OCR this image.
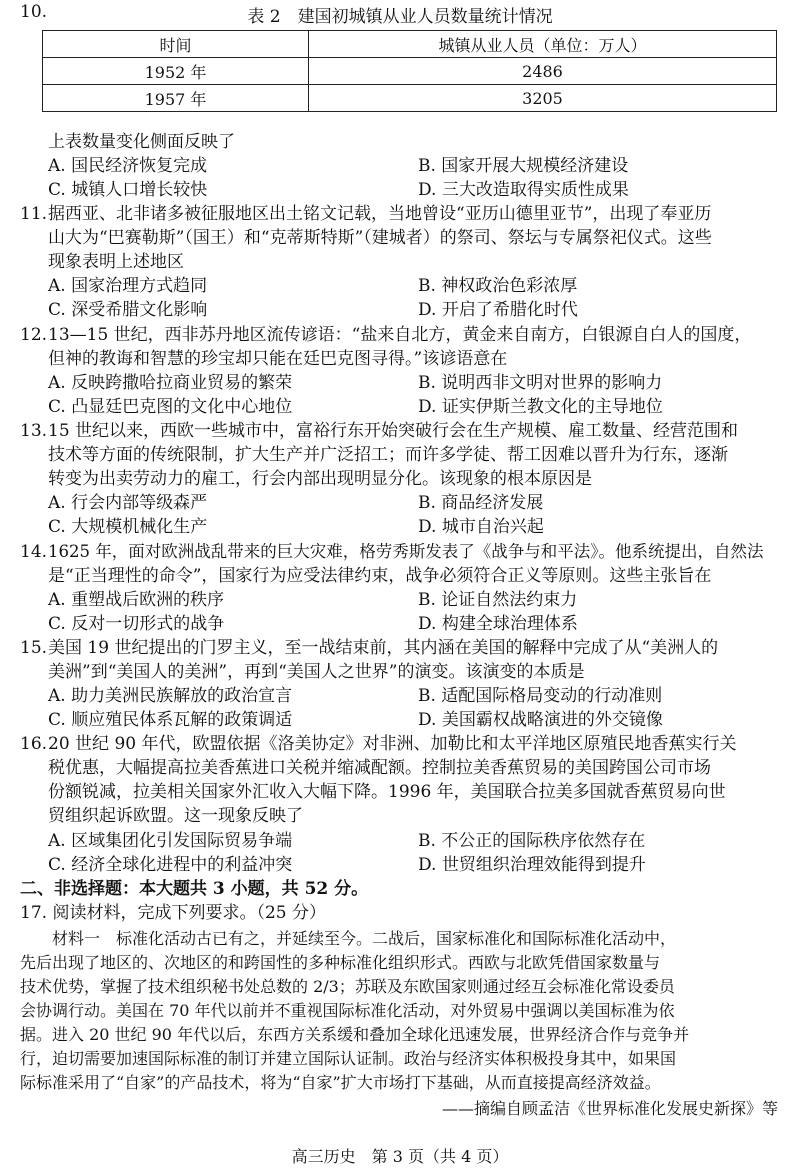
10.	表 2　建国初城镇从业人员数量统计情况
时间	城镇从业人员（单位：万人）
1952 年	2486
1957 年	3205
上表数量变化侧面反映了
A. 国民经济恢复完成	B. 国家开展大规模经济建设
C. 城镇人口增长较快	D. 三大改造取得实质性成果
11. 据西亚、北非诸多被征服地区出土铭文记载，当地曾设“亚历山德里亚节”，出现了奉亚历
山大为“巴赛勒斯”（国王）和“克蒂斯特斯”（建城者）的祭司、祭坛与专属祭祀仪式。这些
现象表明上述地区
A. 国家治理方式趋同	B. 神权政治色彩浓厚
C. 深受希腊文化影响	D. 开启了希腊化时代
12. 13—15 世纪，西非苏丹地区流传谚语：“盐来自北方，黄金来自南方，白银源自白人的国度，
但神的教诲和智慧的珍宝却只能在廷巴克图寻得。”该谚语意在
A. 反映跨撒哈拉商业贸易的繁荣	B. 说明西非文明对世界的影响力
C. 凸显廷巴克图的文化中心地位	D. 证实伊斯兰教文化的主导地位
13. 15 世纪以来，西欧一些城市中，富裕行东开始突破行会在生产规模、雇工数量、经营范围和
技术等方面的传统限制，扩大生产并广泛招工；而许多学徒、帮工因难以晋升为行东，逐渐
转变为出卖劳动力的雇工，行会内部出现明显分化。该现象的根本原因是
A. 行会内部等级森严	B. 商品经济发展
C. 大规模机械化生产	D. 城市自治兴起
14. 1625 年，面对欧洲战乱带来的巨大灾难，格劳秀斯发表了《战争与和平法》。他系统提出，自然法
是“正当理性的命令”，国家行为应受法律约束，战争必须符合正义等原则。这些主张旨在
A. 重塑战后欧洲的秩序	B. 论证自然法约束力
C. 反对一切形式的战争	D. 构建全球治理体系
15. 美国 19 世纪提出的门罗主义，至一战结束前，其内涵在美国的解释中完成了从“美洲人的
美洲”到“美国人的美洲”，再到“美国人之世界”的演变。该演变的本质是
A. 助力美洲民族解放的政治宣言	B. 适配国际格局变动的行动准则
C. 顺应殖民体系瓦解的政策调适	D. 美国霸权战略演进的外交镜像
16. 20 世纪 90 年代，欧盟依据《洛美协定》对非洲、加勒比和太平洋地区原殖民地香蕉实行关
税优惠，大幅提高拉美香蕉进口关税并缩减配额。控制拉美香蕉贸易的美国跨国公司市场
份额锐减，拉美相关国家外汇收入大幅下降。1996 年，美国联合拉美多国就香蕉贸易向世
贸组织起诉欧盟。这一现象反映了
A. 区域集团化引发国际贸易争端	B. 不公正的国际秩序依然存在
C. 经济全球化进程中的利益冲突	D. 世贸组织治理效能得到提升
二、非选择题：本大题共 3 小题，共 52 分。
17. 阅读材料，完成下列要求。（25 分）
　　材料一　标准化活动古已有之，并延续至今。二战后，国家标准化和国际标准化活动中，
先后出现了地区的、次地区的和跨国性的多种标准化组织形式。西欧与北欧凭借国家数量与
技术优势，掌握了技术组织秘书处总数的 2/3；苏联及东欧国家则通过经互会标准化常设委员
会协调行动。美国在 70 年代以前并不重视国际标准化活动，对外贸易中强调以美国标准为依
据。进入 20 世纪 90 年代以后，东西方关系缓和叠加全球化迅速发展，世界经济合作与竞争并
行，迫切需要加速国际标准的制订并建立国际认证制。政治与经济实体积极投身其中，如果国
际标准采用了“自家”的产品技术，将为“自家”扩大市场打下基础，从而直接提高经济效益。
——摘编自顾孟洁《世界标准化发展史新探》等
高三历史　第 3 页（共 4 页）
